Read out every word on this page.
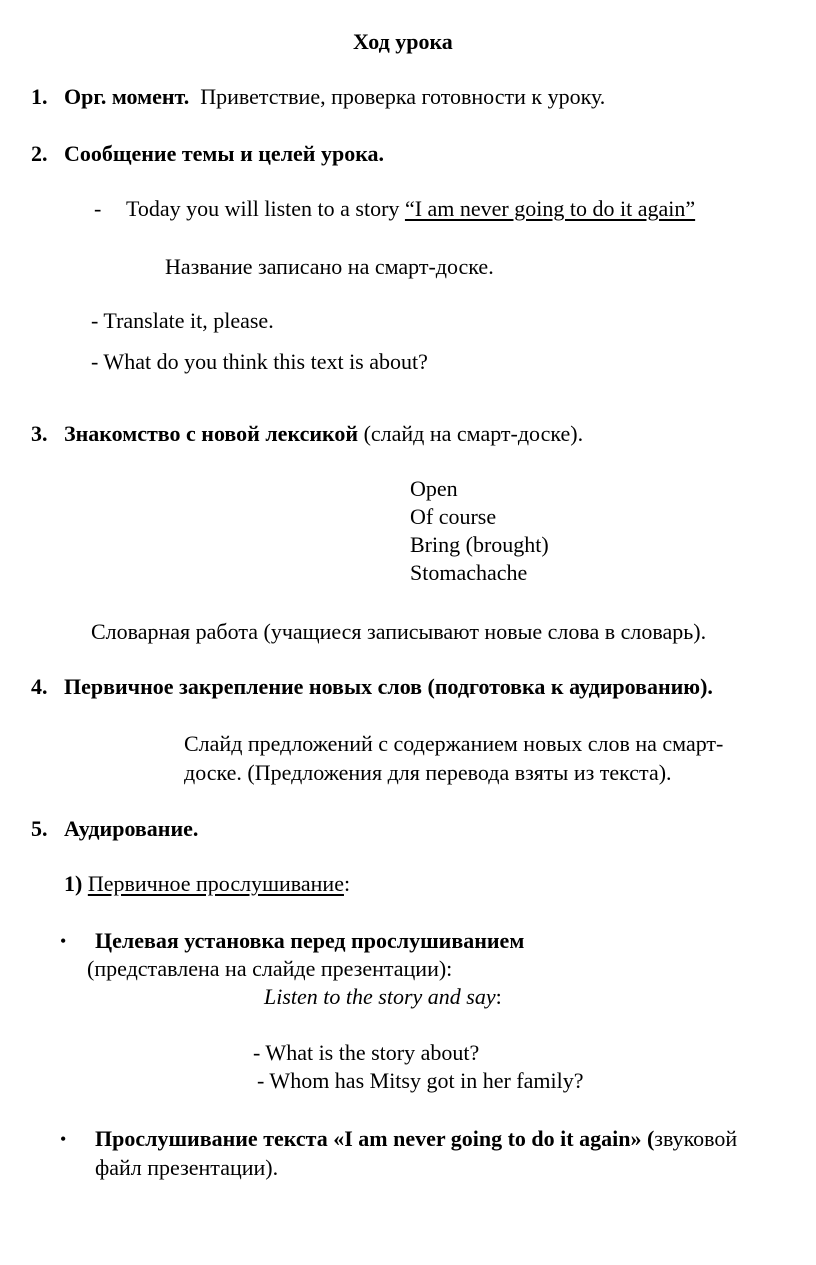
Ход урока
1. Орг. момент. Приветствие, проверка готовности к уроку.
2. Сообщение темы и целей урока.
- Today you will listen to a story “I am never going to do it again”
Название записано на смарт-доске.
- Translate it, please.
- What do you think this text is about?
3. Знакомство с новой лексикой (слайд на смарт-доске).
Open
Of course
Bring (brought)
Stomachache
Словарная работа (учащиеся записывают новые слова в словарь).
4. Первичное закрепление новых слов (подготовка к аудированию).
Слайд предложений с содержанием новых слов на смарт-
доске. (Предложения для перевода взяты из текста).
5. Аудирование.
1) Первичное прослушивание:
• Целевая установка перед прослушиванием
(представлена на слайде презентации):
Listen to the story and say:
- What is the story about?
- Whom has Mitsy got in her family?
• Прослушивание текста «I am never going to do it again» (звуковой
файл презентации).
